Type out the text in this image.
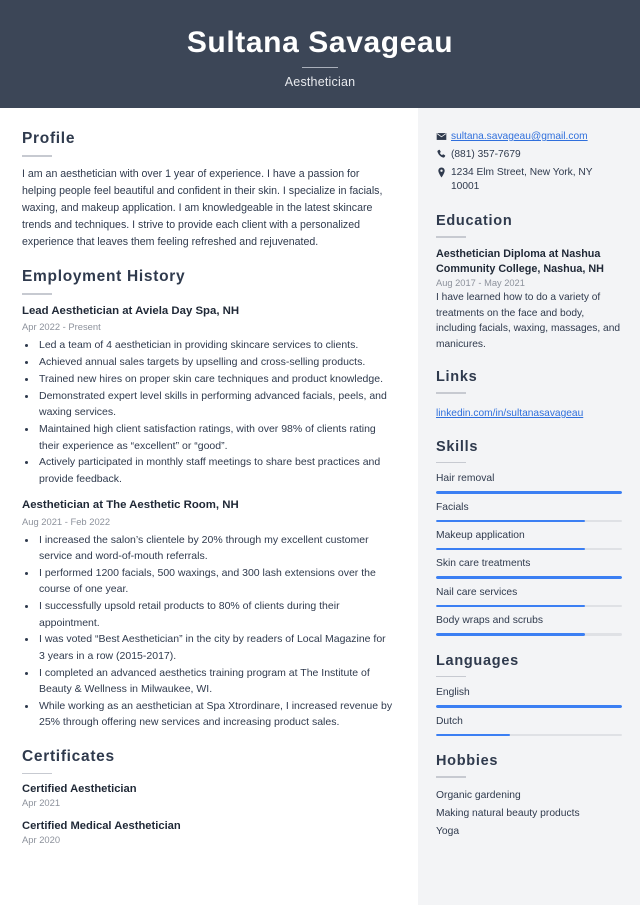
Sultana Savageau
Aesthetician
Profile
I am an aesthetician with over 1 year of experience. I have a passion for helping people feel beautiful and confident in their skin. I specialize in facials, waxing, and makeup application. I am knowledgeable in the latest skincare trends and techniques. I strive to provide each client with a personalized experience that leaves them feeling refreshed and rejuvenated.
Employment History
Lead Aesthetician at Aviela Day Spa, NH
Apr 2022 - Present
• Led a team of 4 aesthetician in providing skincare services to clients.
• Achieved annual sales targets by upselling and cross-selling products.
• Trained new hires on proper skin care techniques and product knowledge.
• Demonstrated expert level skills in performing advanced facials, peels, and waxing services.
• Maintained high client satisfaction ratings, with over 98% of clients rating their experience as “excellent” or “good”.
• Actively participated in monthly staff meetings to share best practices and provide feedback.
Aesthetician at The Aesthetic Room, NH
Aug 2021 - Feb 2022
• I increased the salon’s clientele by 20% through my excellent customer service and word-of-mouth referrals.
• I performed 1200 facials, 500 waxings, and 300 lash extensions over the course of one year.
• I successfully upsold retail products to 80% of clients during their appointment.
• I was voted “Best Aesthetician” in the city by readers of Local Magazine for 3 years in a row (2015-2017).
• I completed an advanced aesthetics training program at The Institute of Beauty & Wellness in Milwaukee, WI.
• While working as an aesthetician at Spa Xtrordinare, I increased revenue by 25% through offering new services and increasing product sales.
Certificates
Certified Aesthetician
Apr 2021
Certified Medical Aesthetician
Apr 2020
sultana.savageau@gmail.com
(881) 357-7679
1234 Elm Street, New York, NY 10001
Education
Aesthetician Diploma at Nashua Community College, Nashua, NH
Aug 2017 - May 2021
I have learned how to do a variety of treatments on the face and body, including facials, waxing, massages, and manicures.
Links
linkedin.com/in/sultanasavageau
Skills
Hair removal
Facials
Makeup application
Skin care treatments
Nail care services
Body wraps and scrubs
Languages
English
Dutch
Hobbies
Organic gardening
Making natural beauty products
Yoga
